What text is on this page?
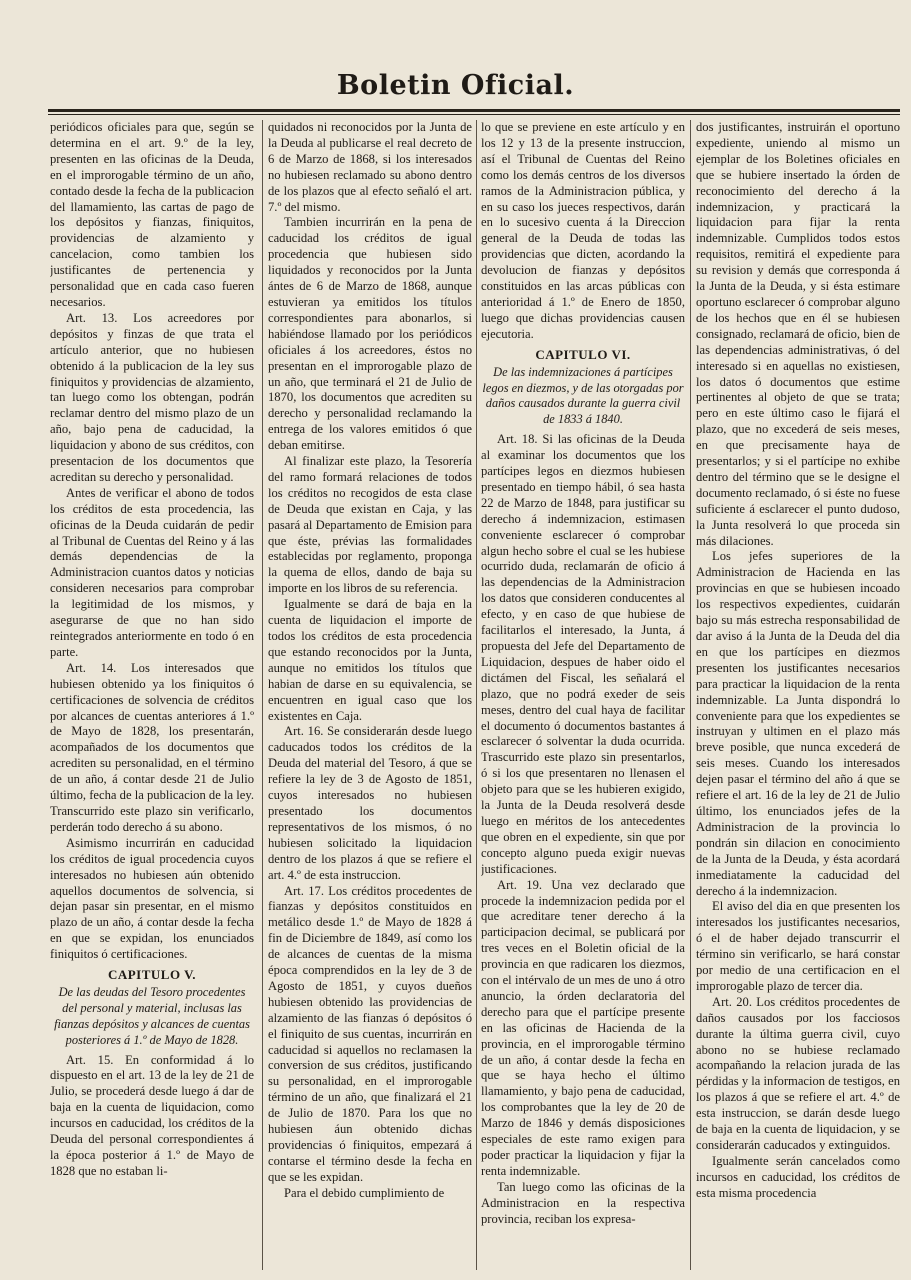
Boletin Oficial.

periódicos oficiales para que, según se determina en el art. 9.º de la ley, presenten en las oficinas de la Deuda, en el improrogable término de un año, contado desde la fecha de la publicacion del llamamiento, las cartas de pago de los depósitos y fianzas, finiquitos, providencias de alzamiento y cancelacion, como tambien los justificantes de pertenencia y personalidad que en cada caso fueren necesarios.

Art. 13. Los acreedores por depósitos y finzas de que trata el artículo anterior, que no hubiesen obtenido á la publicacion de la ley sus finiquitos y providencias de alzamiento, tan luego como los obtengan, podrán reclamar dentro del mismo plazo de un año, bajo pena de caducidad, la liquidacion y abono de sus créditos, con presentacion de los documentos que acreditan su derecho y personalidad.

Antes de verificar el abono de todos los créditos de esta procedencia, las oficinas de la Deuda cuidarán de pedir al Tribunal de Cuentas del Reino y á las demás dependencias de la Administracion cuantos datos y noticias consideren necesarios para comprobar la legitimidad de los mismos, y asegurarse de que no han sido reintegrados anteriormente en todo ó en parte.

Art. 14. Los interesados que hubiesen obtenido ya los finiquitos ó certificaciones de solvencia de créditos por alcances de cuentas anteriores á 1.º de Mayo de 1828, los presentarán, acompañados de los documentos que acrediten su personalidad, en el término de un año, á contar desde 21 de Julio último, fecha de la publicacion de la ley. Transcurrido este plazo sin verificarlo, perderán todo derecho á su abono.

Asimismo incurrirán en caducidad los créditos de igual procedencia cuyos interesados no hubiesen aún obtenido aquellos documentos de solvencia, si dejan pasar sin presentar, en el mismo plazo de un año, á contar desde la fecha en que se expidan, los enunciados finiquitos ó certificaciones.

CAPITULO V.

De las deudas del Tesoro procedentes del personal y material, inclusas las fianzas depósitos y alcances de cuentas posteriores á 1.º de Mayo de 1828.

Art. 15. En conformidad á lo dispuesto en el art. 13 de la ley de 21 de Julio, se procederá desde luego á dar de baja en la cuenta de liquidacion, como incursos en caducidad, los créditos de la Deuda del personal correspondientes á la época posterior á 1.º de Mayo de 1828 que no estaban li-

quidados ni reconocidos por la Junta de la Deuda al publicarse el real decreto de 6 de Marzo de 1868, si los interesados no hubiesen reclamado su abono dentro de los plazos que al efecto señaló el art. 7.º del mismo.

Tambien incurrirán en la pena de caducidad los créditos de igual procedencia que hubiesen sido liquidados y reconocidos por la Junta ántes de 6 de Marzo de 1868, aunque estuvieran ya emitidos los títulos correspondientes para abonarlos, si habiéndose llamado por los periódicos oficiales á los acreedores, éstos no presentan en el improrogable plazo de un año, que terminará el 21 de Julio de 1870, los documentos que acrediten su derecho y personalidad reclamando la entrega de los valores emitidos ó que deban emitirse.

Al finalizar este plazo, la Tesorería del ramo formará relaciones de todos los créditos no recogidos de esta clase de Deuda que existan en Caja, y las pasará al Departamento de Emision para que éste, prévias las formalidades establecidas por reglamento, proponga la quema de ellos, dando de baja su importe en los libros de su referencia.

Igualmente se dará de baja en la cuenta de liquidacion el importe de todos los créditos de esta procedencia que estando reconocidos por la Junta, aunque no emitidos los títulos que habian de darse en su equivalencia, se encuentren en igual caso que los existentes en Caja.

Art. 16. Se considerarán desde luego caducados todos los créditos de la Deuda del material del Tesoro, á que se refiere la ley de 3 de Agosto de 1851, cuyos interesados no hubiesen presentado los documentos representativos de los mismos, ó no hubiesen solicitado la liquidacion dentro de los plazos á que se refiere el art. 4.º de esta instruccion.

Art. 17. Los créditos procedentes de fianzas y depósitos constituidos en metálico desde 1.º de Mayo de 1828 á fin de Diciembre de 1849, así como los de alcances de cuentas de la misma época comprendidos en la ley de 3 de Agosto de 1851, y cuyos dueños hubiesen obtenido las providencias de alzamiento de las fianzas ó depósitos ó el finiquito de sus cuentas, incurrirán en caducidad si aquellos no reclamasen la conversion de sus créditos, justificando su personalidad, en el improrogable término de un año, que finalizará el 21 de Julio de 1870. Para los que no hubiesen áun obtenido dichas providencias ó finiquitos, empezará á contarse el término desde la fecha en que se les expidan.

Para el debido cumplimiento de

lo que se previene en este artículo y en los 12 y 13 de la presente instruccion, así el Tribunal de Cuentas del Reino como los demás centros de los diversos ramos de la Administracion pública, y en su caso los jueces respectivos, darán en lo sucesivo cuenta á la Direccion general de la Deuda de todas las providencias que dicten, acordando la devolucion de fianzas y depósitos constituidos en las arcas públicas con anterioridad á 1.º de Enero de 1850, luego que dichas providencias causen ejecutoria.

CAPITULO VI.

De las indemnizaciones á partícipes legos en diezmos, y de las otorgadas por daños causados durante la guerra civil de 1833 á 1840.

Art. 18. Si las oficinas de la Deuda al examinar los documentos que los partícipes legos en diezmos hubiesen presentado en tiempo hábil, ó sea hasta 22 de Marzo de 1848, para justificar su derecho á indemnizacion, estimasen conveniente esclarecer ó comprobar algun hecho sobre el cual se les hubiese ocurrido duda, reclamarán de oficio á las dependencias de la Administracion los datos que consideren conducentes al efecto, y en caso de que hubiese de facilitarlos el interesado, la Junta, á propuesta del Jefe del Departamento de Liquidacion, despues de haber oido el dictámen del Fiscal, les señalará el plazo, que no podrá exeder de seis meses, dentro del cual haya de facilitar el documento ó documentos bastantes á esclarecer ó solventar la duda ocurrida. Trascurrido este plazo sin presentarlos, ó si los que presentaren no llenasen el objeto para que se les hubieren exigido, la Junta de la Deuda resolverá desde luego en méritos de los antecedentes que obren en el expediente, sin que por concepto alguno pueda exigir nuevas justificaciones.

Art. 19. Una vez declarado que procede la indemnizacion pedida por el que acreditare tener derecho á la participacion decimal, se publicará por tres veces en el Boletin oficial de la provincia en que radicaren los diezmos, con el intérvalo de un mes de uno á otro anuncio, la órden declaratoria del derecho para que el partícipe presente en las oficinas de Hacienda de la provincia, en el improrogable término de un año, á contar desde la fecha en que se haya hecho el último llamamiento, y bajo pena de caducidad, los comprobantes que la ley de 20 de Marzo de 1846 y demás disposiciones especiales de este ramo exigen para poder practicar la liquidacion y fijar la renta indemnizable.

Tan luego como las oficinas de la Administracion en la respectiva provincia, reciban los expresa-

dos justificantes, instruirán el oportuno expediente, uniendo al mismo un ejemplar de los Boletines oficiales en que se hubiere insertado la órden de reconocimiento del derecho á la indemnizacion, y practicará la liquidacion para fijar la renta indemnizable. Cumplidos todos estos requisitos, remitirá el expediente para su revision y demás que corresponda á la Junta de la Deuda, y si ésta estimare oportuno esclarecer ó comprobar alguno de los hechos que en él se hubiesen consignado, reclamará de oficio, bien de las dependencias administrativas, ó del interesado si en aquellas no existiesen, los datos ó documentos que estime pertinentes al objeto de que se trata; pero en este último caso le fijará el plazo, que no excederá de seis meses, en que precisamente haya de presentarlos; y si el partícipe no exhibe dentro del término que se le designe el documento reclamado, ó si éste no fuese suficiente á esclarecer el punto dudoso, la Junta resolverá lo que proceda sin más dilaciones.

Los jefes superiores de la Administracion de Hacienda en las provincias en que se hubiesen incoado los respectivos expedientes, cuidarán bajo su más estrecha responsabilidad de dar aviso á la Junta de la Deuda del dia en que los partícipes en diezmos presenten los justificantes necesarios para practicar la liquidacion de la renta indemnizable. La Junta dispondrá lo conveniente para que los expedientes se instruyan y ultimen en el plazo más breve posible, que nunca excederá de seis meses. Cuando los interesados dejen pasar el término del año á que se refiere el art. 16 de la ley de 21 de Julio último, los enunciados jefes de la Administracion de la provincia lo pondrán sin dilacion en conocimiento de la Junta de la Deuda, y ésta acordará inmediatamente la caducidad del derecho á la indemnizacion.

El aviso del dia en que presenten los interesados los justificantes necesarios, ó el de haber dejado transcurrir el término sin verificarlo, se hará constar por medio de una certificacion en el improrogable plazo de tercer dia.

Art. 20. Los créditos procedentes de daños causados por los facciosos durante la última guerra civil, cuyo abono no se hubiese reclamado acompañando la relacion jurada de las pérdidas y la informacion de testigos, en los plazos á que se refiere el art. 4.º de esta instruccion, se darán desde luego de baja en la cuenta de liquidacion, y se considerarán caducados y extinguidos.

Igualmente serán cancelados como incursos en caducidad, los créditos de esta misma procedencia
